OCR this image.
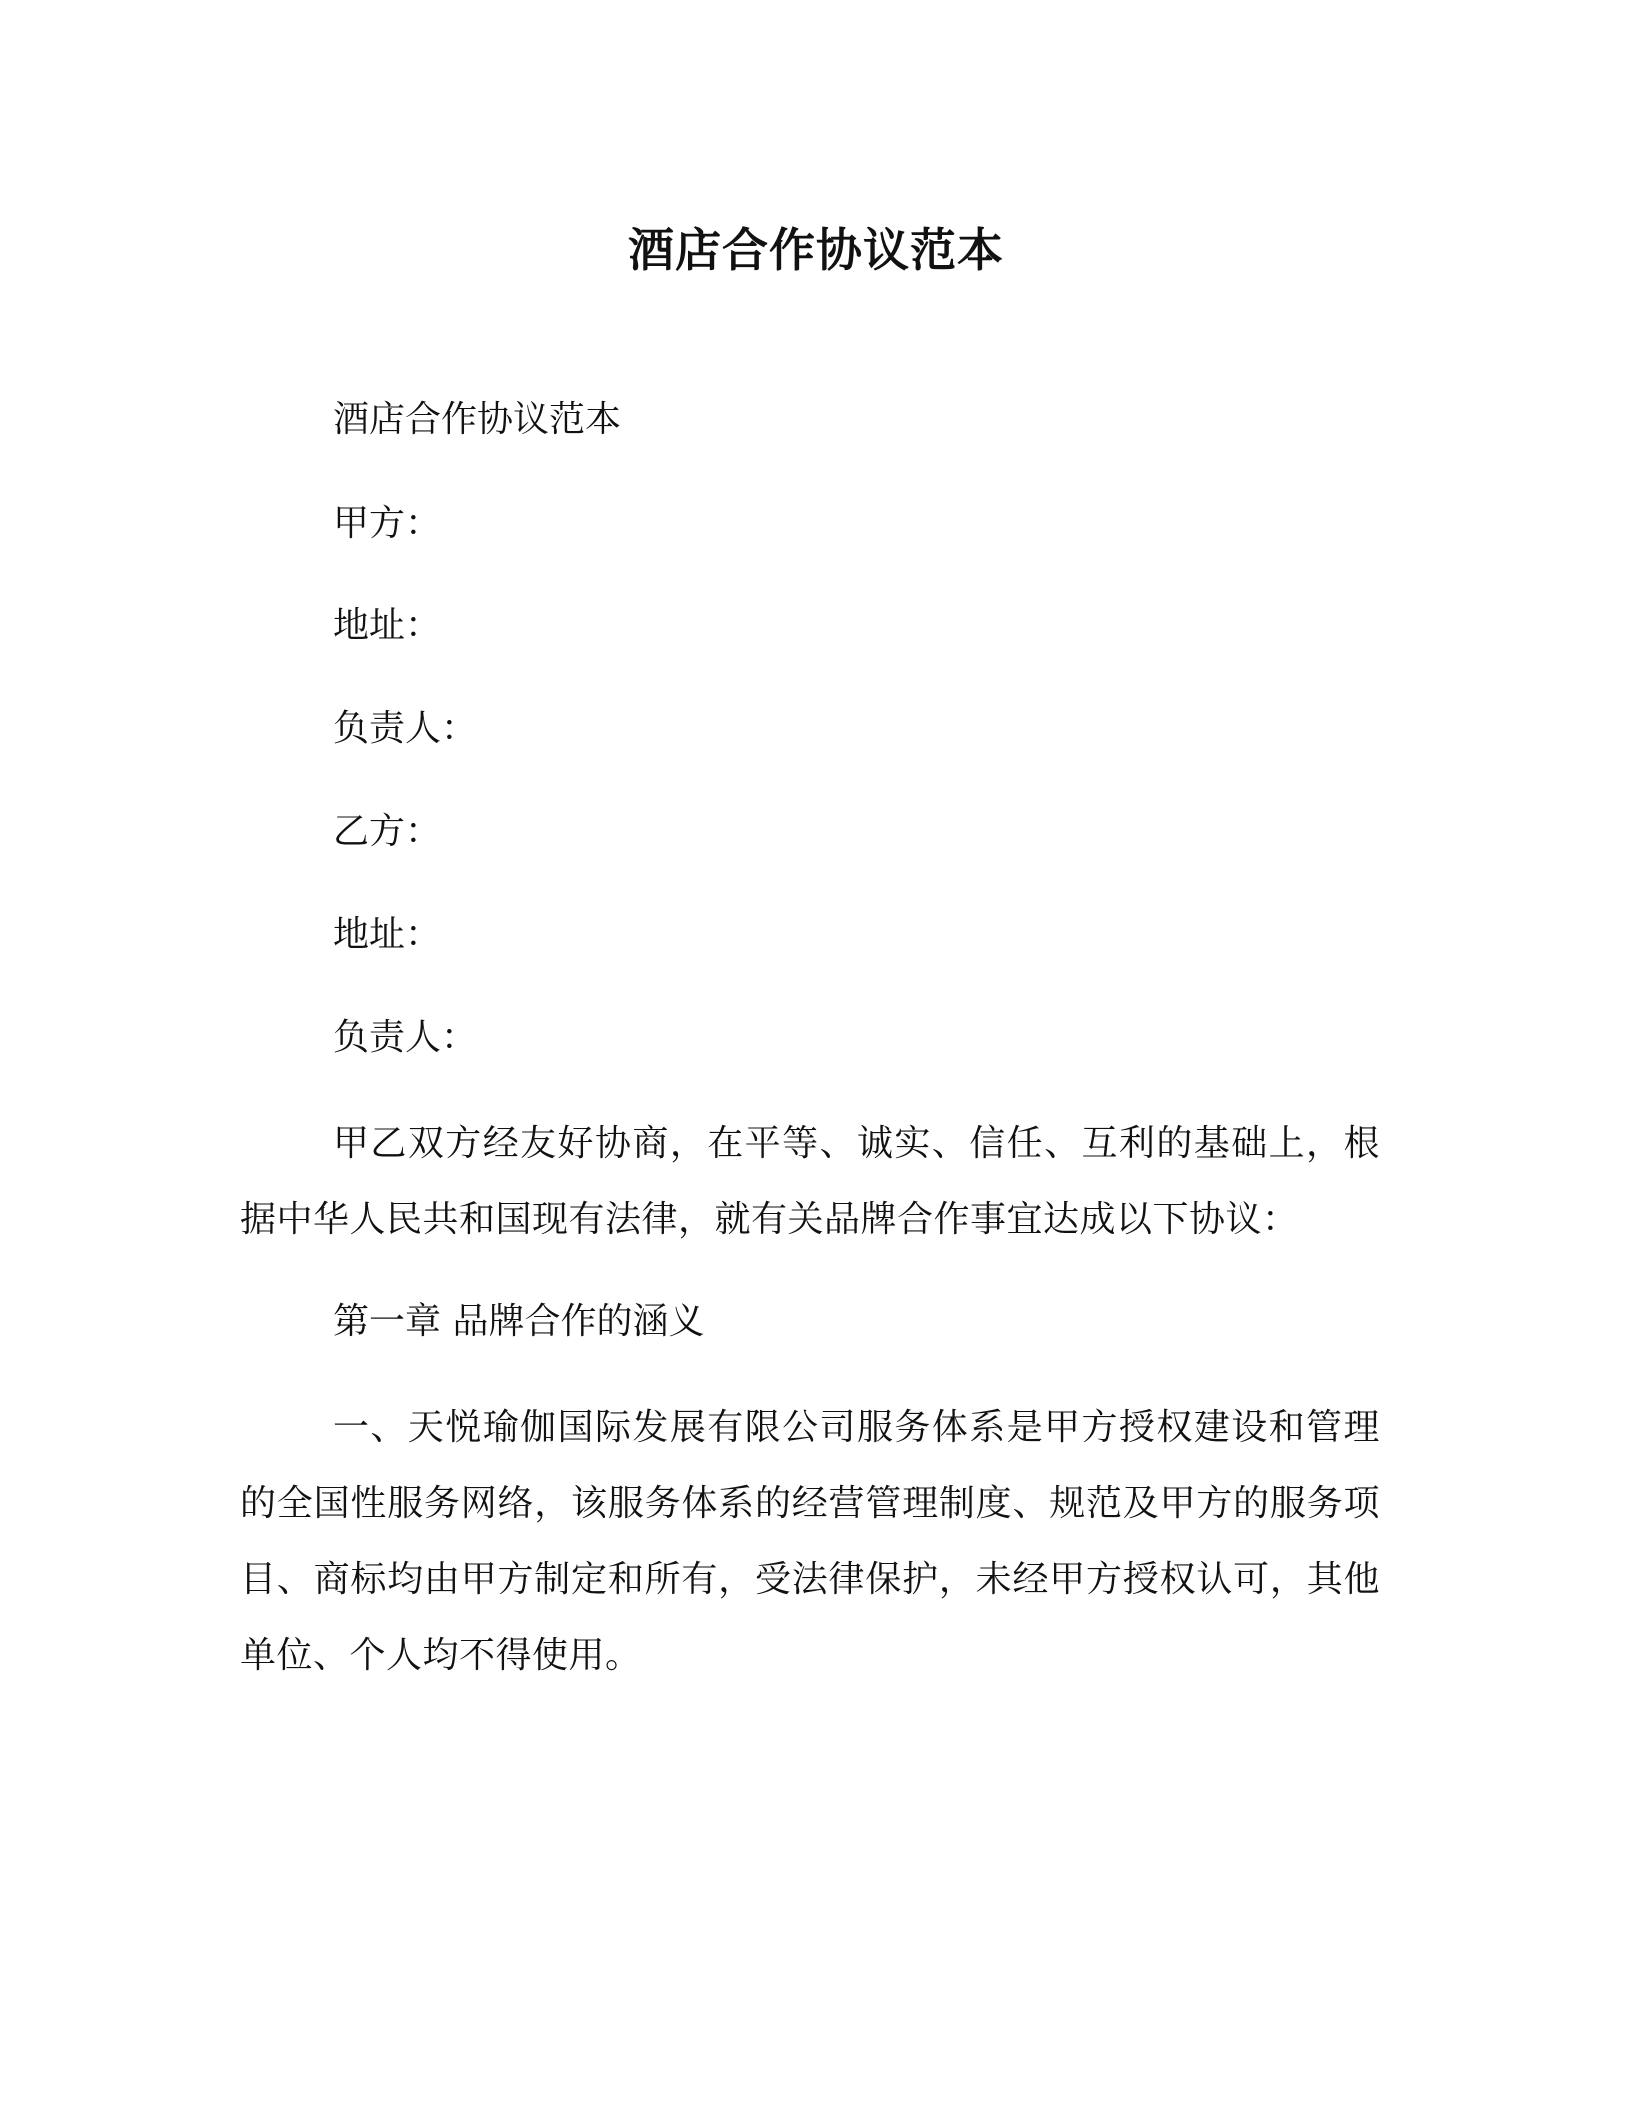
酒店合作协议范本
酒店合作协议范本
甲方：
地址：
负责人：
乙方：
地址：
负责人：

甲乙双方经友好协商，在平等、诚实、信任、互利的基础上，根据中华人民共和国现有法律，就有关品牌合作事宜达成以下协议：

第一章 品牌合作的涵义

一、天悦瑜伽国际发展有限公司服务体系是甲方授权建设和管理的全国性服务网络，该服务体系的经营管理制度、规范及甲方的服务项目、商标均由甲方制定和所有，受法律保护，未经甲方授权认可，其他单位、个人均不得使用。
